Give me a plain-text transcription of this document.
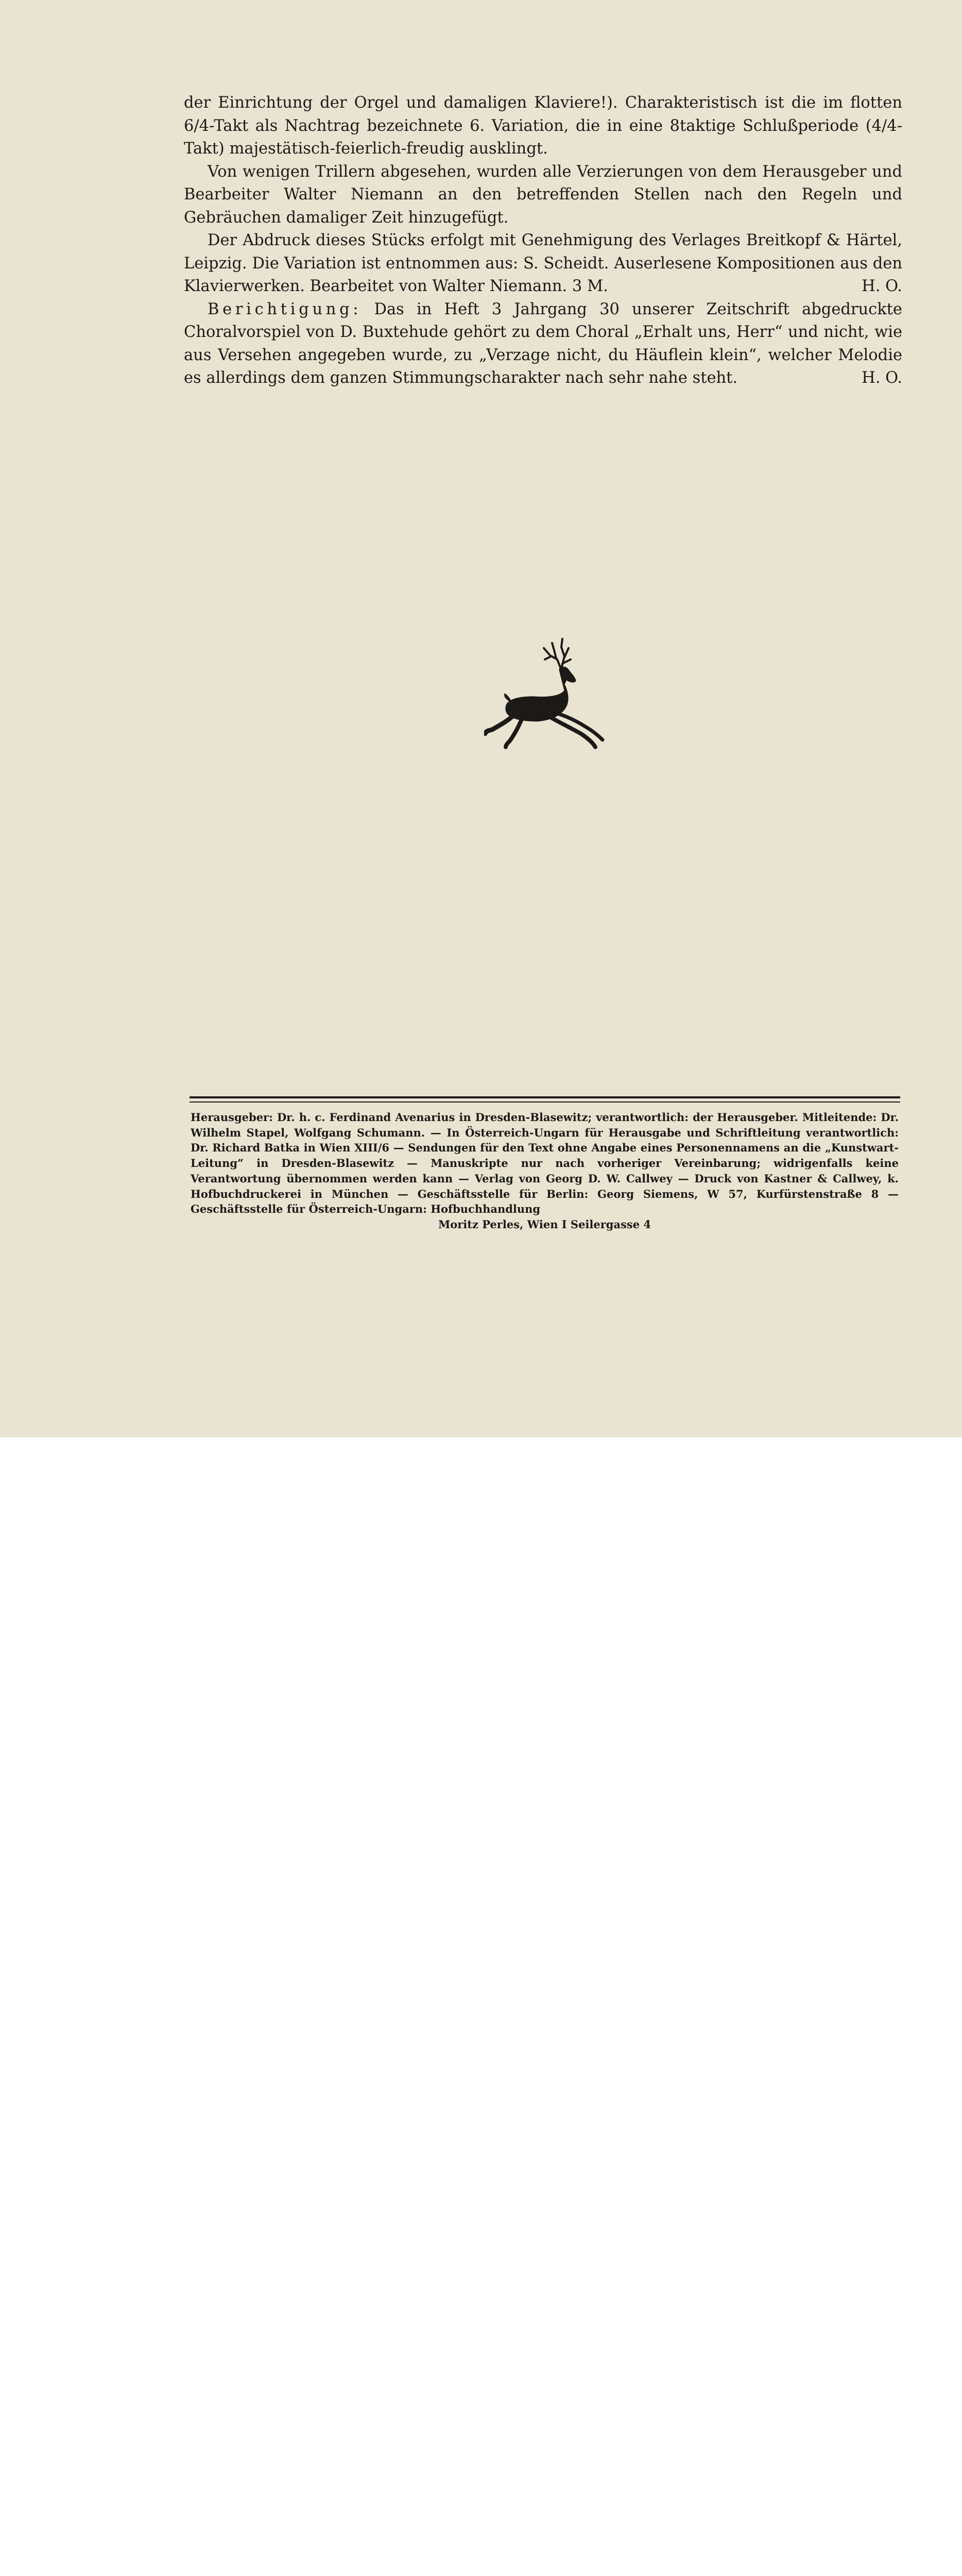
der Einrichtung der Orgel und damaligen Klaviere!). Charakteristisch ist die im flotten 6/4-Takt als Nachtrag bezeichnete 6. Variation, die in eine 8taktige Schlußperiode (4/4-Takt) majestätisch-feierlich-freudig ausklingt.

Von wenigen Trillern abgesehen, wurden alle Verzierungen von dem Herausgeber und Bearbeiter Walter Niemann an den betreffenden Stellen nach den Regeln und Gebräuchen damaliger Zeit hinzugefügt.

Der Abdruck dieses Stücks erfolgt mit Genehmigung des Verlages Breitkopf & Härtel, Leipzig. Die Variation ist entnommen aus: S. Scheidt. Auserlesene Kompositionen aus den Klavierwerken. Bearbeitet von Walter Niemann. 3 M.	H. O.

Berichtigung: Das in Heft 3 Jahrgang 30 unserer Zeitschrift abgedruckte Choralvorspiel von D. Buxtehude gehört zu dem Choral „Erhalt uns, Herr“ und nicht, wie aus Versehen angegeben wurde, zu „Verzage nicht, du Häuflein klein“, welcher Melodie es allerdings dem ganzen Stimmungscharakter nach sehr nahe steht.	H. O.

Herausgeber: Dr. h. c. Ferdinand Avenarius in Dresden-Blasewitz; verantwortlich: der Herausgeber. Mitleitende: Dr. Wilhelm Stapel, Wolfgang Schumann. — In Österreich-Ungarn für Herausgabe und Schriftleitung verantwortlich: Dr. Richard Batka in Wien XIII/6 — Sendungen für den Text ohne Angabe eines Personennamens an die „Kunstwart-Leitung“ in Dresden-Blasewitz — Manuskripte nur nach vorheriger Vereinbarung; widrigenfalls keine Verantwortung übernommen werden kann — Verlag von Georg D. W. Callwey — Druck von Kastner & Callwey, k. Hofbuchdruckerei in München — Geschäftsstelle für Berlin: Georg Siemens, W 57, Kurfürstenstraße 8 — Geschäftsstelle für Österreich-Ungarn: Hofbuchhandlung
Moritz Perles, Wien I Seilergasse 4
